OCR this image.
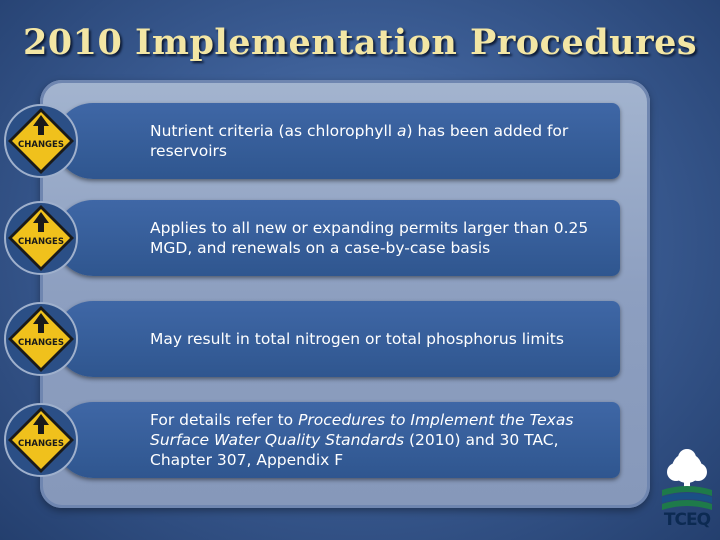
2010 Implementation Procedures
Nutrient criteria (as chlorophyll a) has been added for reservoirs
CHANGES
Applies to all new or expanding permits larger than 0.25 MGD, and renewals on a case-by-case basis
CHANGES
May result in total nitrogen or total phosphorus limits
CHANGES
For details refer to Procedures to Implement the Texas Surface Water Quality Standards (2010) and 30 TAC, Chapter 307, Appendix F
CHANGES
TCEQ
